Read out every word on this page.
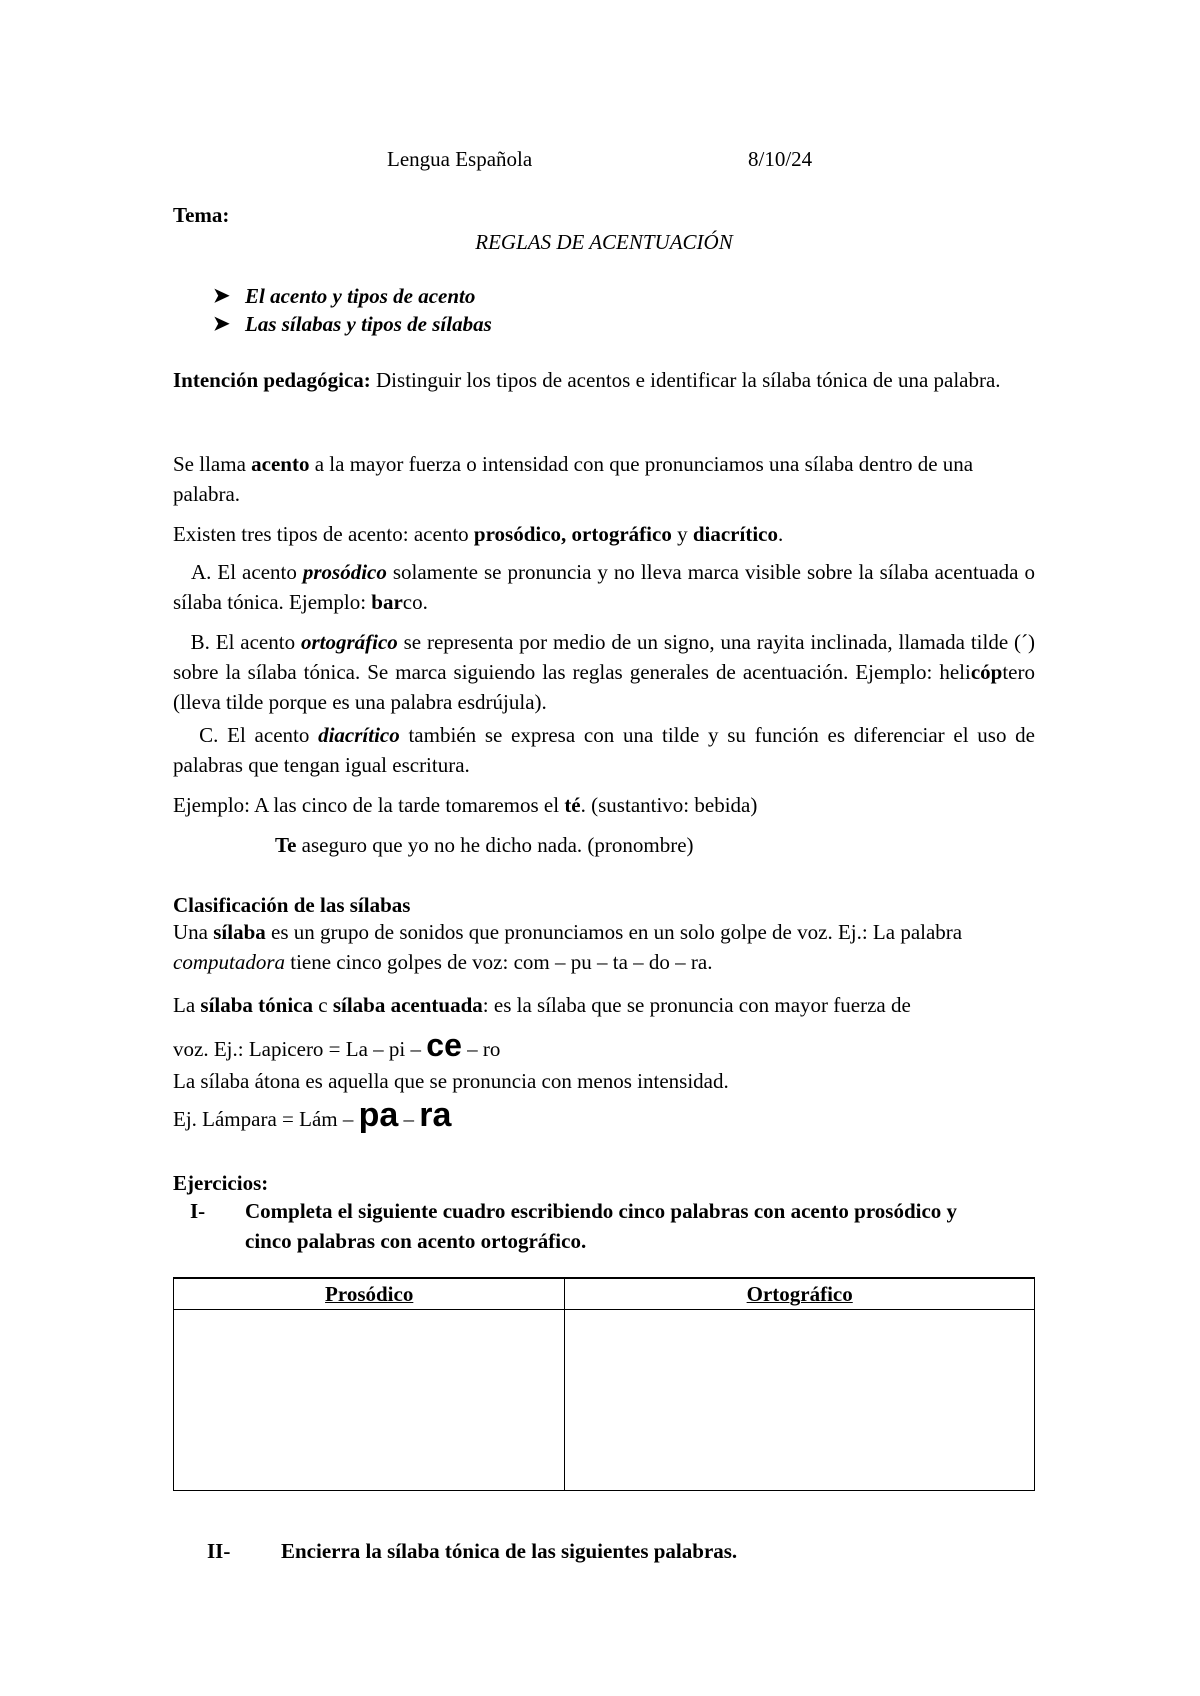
Lengua Española	8/10/24
Tema:
REGLAS DE ACENTUACIÓN
➤ El acento y tipos de acento
➤ Las sílabas y tipos de sílabas
Intención pedagógica: Distinguir los tipos de acentos e identificar la sílaba tónica de una palabra.
Se llama acento a la mayor fuerza o intensidad con que pronunciamos una sílaba dentro de una palabra.
Existen tres tipos de acento: acento prosódico, ortográfico y diacrítico.
A. El acento prosódico solamente se pronuncia y no lleva marca visible sobre la sílaba acentuada o sílaba tónica. Ejemplo: barco.
B. El acento ortográfico se representa por medio de un signo, una rayita inclinada, llamada tilde (´) sobre la sílaba tónica. Se marca siguiendo las reglas generales de acentuación. Ejemplo: helicóptero (lleva tilde porque es una palabra esdrújula).
C. El acento diacrítico también se expresa con una tilde y su función es diferenciar el uso de palabras que tengan igual escritura.
Ejemplo: A las cinco de la tarde tomaremos el té. (sustantivo: bebida)
Te aseguro que yo no he dicho nada. (pronombre)
Clasificación de las sílabas
Una sílaba es un grupo de sonidos que pronunciamos en un solo golpe de voz. Ej.: La palabra computadora tiene cinco golpes de voz: com – pu – ta – do – ra.
La sílaba tónica c sílaba acentuada: es la sílaba que se pronuncia con mayor fuerza de
voz. Ej.: Lapicero = La – pi – ce – ro
La sílaba átona es aquella que se pronuncia con menos intensidad.
Ej. Lámpara = Lám – pa – ra
Ejercicios:
I- Completa el siguiente cuadro escribiendo cinco palabras con acento prosódico y cinco palabras con acento ortográfico.
Prosódico	Ortográfico

II- Encierra la sílaba tónica de las siguientes palabras.
